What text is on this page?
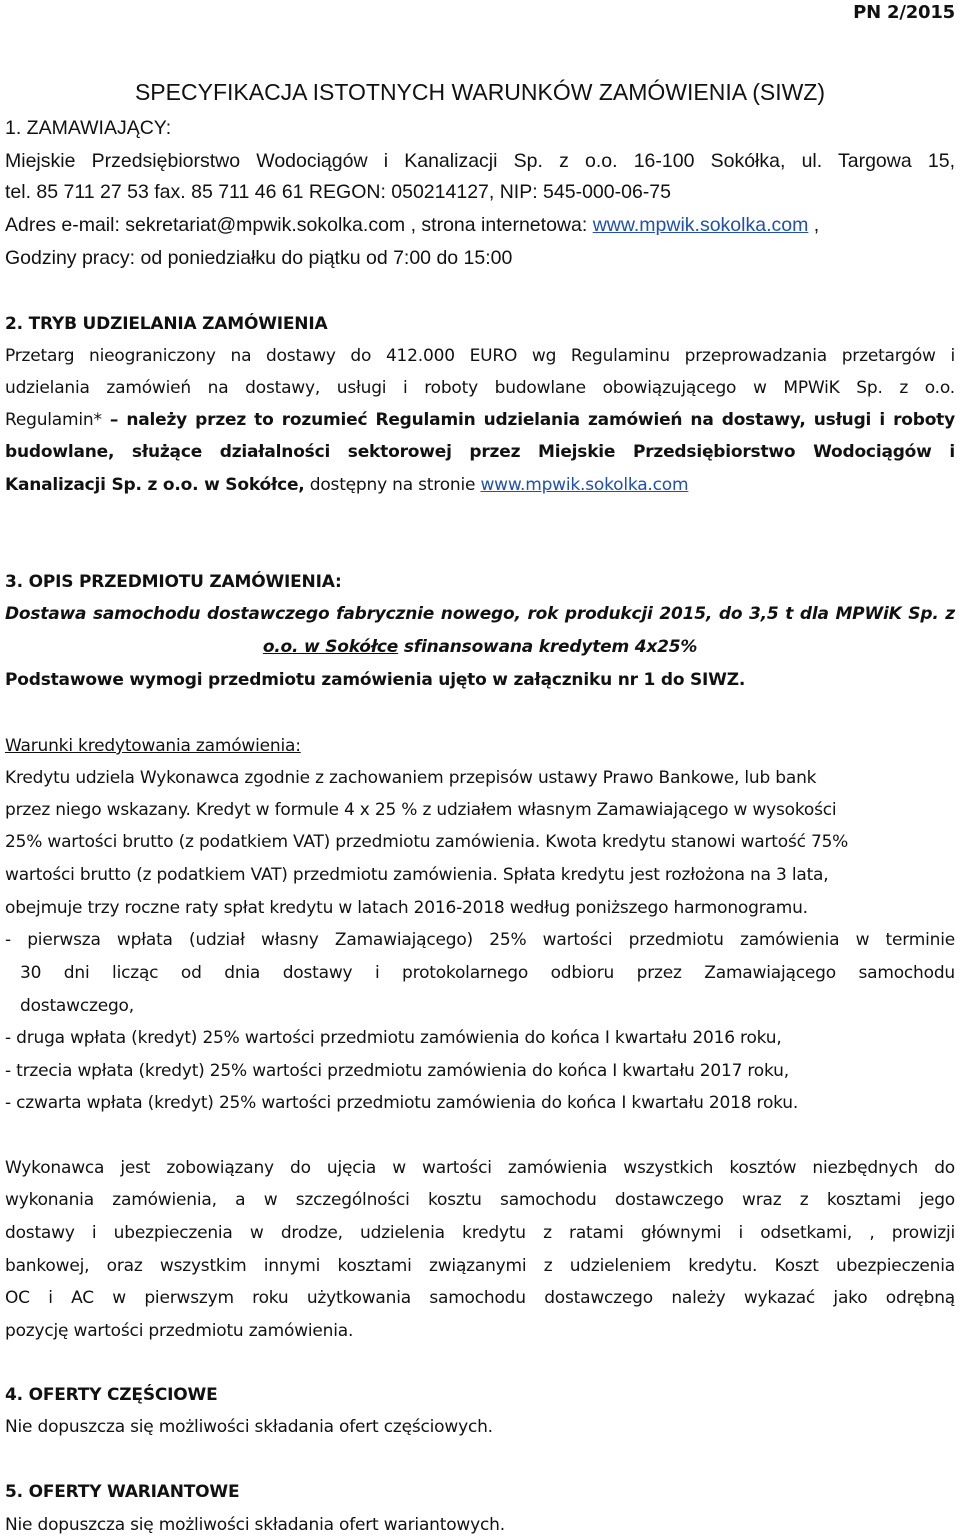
PN 2/2015
SPECYFIKACJA ISTOTNYCH WARUNKÓW ZAMÓWIENIA (SIWZ)
1. ZAMAWIAJĄCY:
Miejskie Przedsiębiorstwo Wodociągów i Kanalizacji Sp. z o.o. 16-100 Sokółka, ul. Targowa 15,
tel. 85 711 27 53 fax. 85 711 46 61 REGON: 050214127, NIP: 545-000-06-75
Adres e-mail: sekretariat@mpwik.sokolka.com , strona internetowa: www.mpwik.sokolka.com ,
Godziny pracy: od poniedziałku do piątku od 7:00 do 15:00
2. TRYB UDZIELANIA ZAMÓWIENIA
Przetarg nieograniczony na dostawy do 412.000 EURO wg Regulaminu przeprowadzania przetargów i
udzielania zamówień na dostawy, usługi i roboty budowlane obowiązującego w MPWiK Sp. z o.o.
Regulamin* – należy przez to rozumieć Regulamin udzielania zamówień na dostawy, usługi i roboty
budowlane, służące działalności sektorowej przez Miejskie Przedsiębiorstwo Wodociągów i
Kanalizacji Sp. z o.o. w Sokółce, dostępny na stronie www.mpwik.sokolka.com
3. OPIS PRZEDMIOTU ZAMÓWIENIA:
Dostawa samochodu dostawczego fabrycznie nowego, rok produkcji 2015, do 3,5 t dla MPWiK Sp. z
o.o. w Sokółce sfinansowana kredytem 4x25%
Podstawowe wymogi przedmiotu zamówienia ujęto w załączniku nr 1 do SIWZ.
Warunki kredytowania zamówienia:
Kredytu udziela Wykonawca zgodnie z zachowaniem przepisów ustawy Prawo Bankowe, lub bank
przez niego wskazany. Kredyt w formule 4 x 25 % z udziałem własnym Zamawiającego w wysokości
25% wartości brutto (z podatkiem VAT) przedmiotu zamówienia. Kwota kredytu stanowi wartość 75%
wartości brutto (z podatkiem VAT) przedmiotu zamówienia. Spłata kredytu jest rozłożona na 3 lata,
obejmuje trzy roczne raty spłat kredytu w latach 2016-2018 według poniższego harmonogramu.
- pierwsza wpłata (udział własny Zamawiającego) 25% wartości przedmiotu zamówienia w terminie
30 dni licząc od dnia dostawy i protokolarnego odbioru przez Zamawiającego samochodu
dostawczego,
- druga wpłata (kredyt) 25% wartości przedmiotu zamówienia do końca I kwartału 2016 roku,
- trzecia wpłata (kredyt) 25% wartości przedmiotu zamówienia do końca I kwartału 2017 roku,
- czwarta wpłata (kredyt) 25% wartości przedmiotu zamówienia do końca I kwartału 2018 roku.
Wykonawca jest zobowiązany do ujęcia w wartości zamówienia wszystkich kosztów niezbędnych do
wykonania zamówienia, a w szczególności kosztu samochodu dostawczego wraz z kosztami jego
dostawy i ubezpieczenia w drodze, udzielenia kredytu z ratami głównymi i odsetkami, , prowizji
bankowej, oraz wszystkim innymi kosztami związanymi z udzieleniem kredytu. Koszt ubezpieczenia
OC i AC w pierwszym roku użytkowania samochodu dostawczego należy wykazać jako odrębną
pozycję wartości przedmiotu zamówienia.
4. OFERTY CZĘŚCIOWE
Nie dopuszcza się możliwości składania ofert częściowych.
5. OFERTY WARIANTOWE
Nie dopuszcza się możliwości składania ofert wariantowych.
